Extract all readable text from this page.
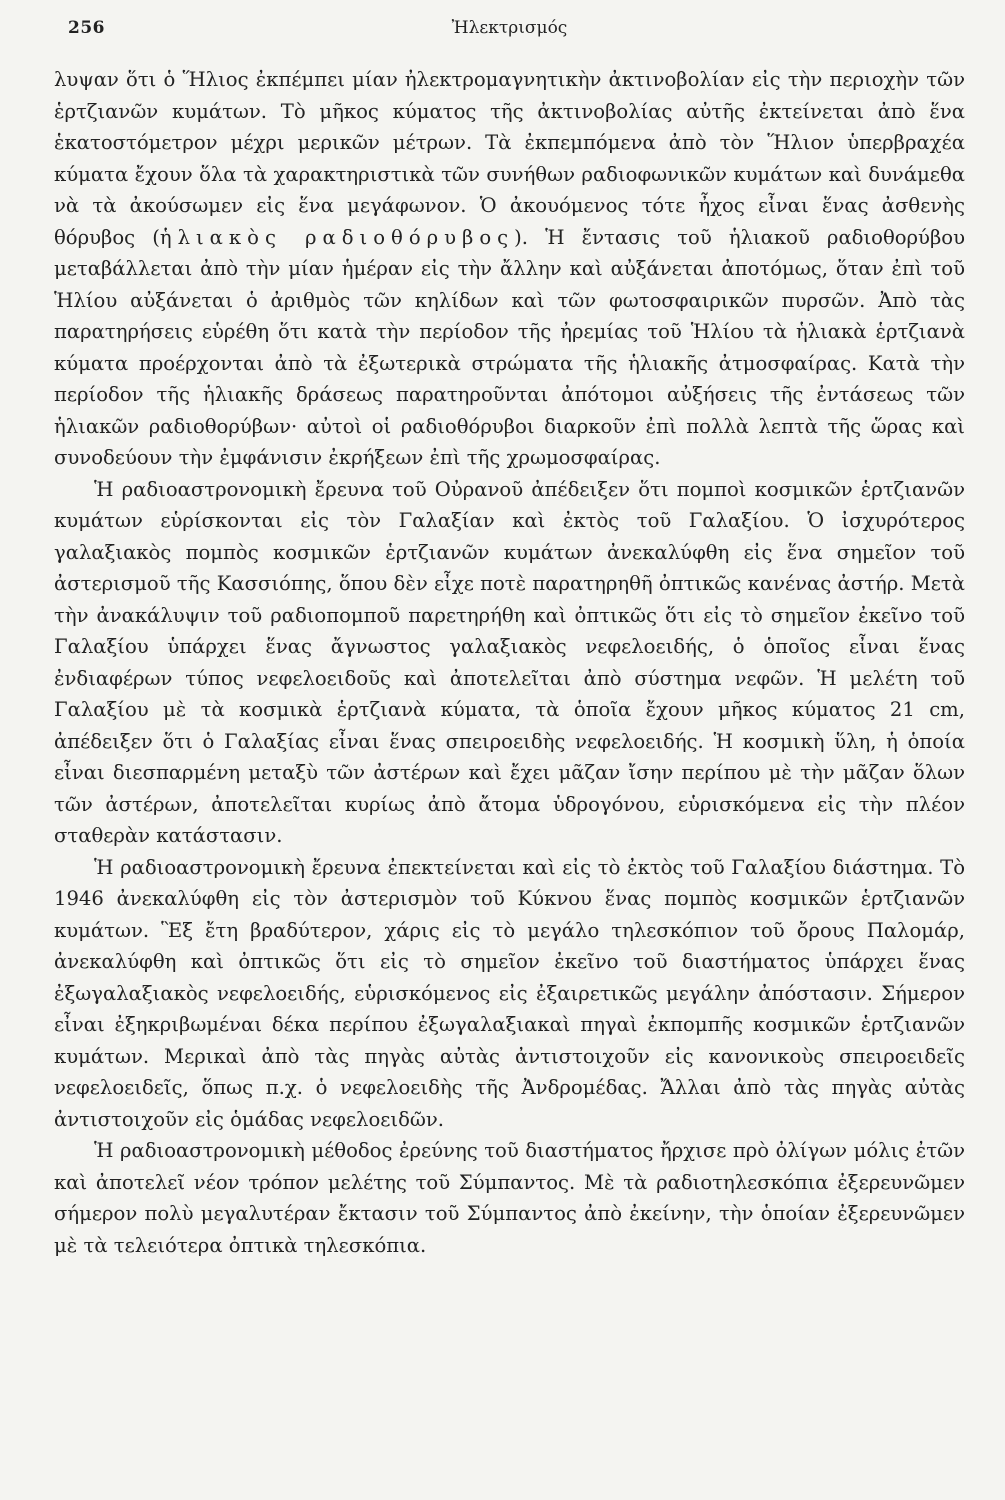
256	Ἠλεκτρισμός

λυψαν ὅτι ὁ Ἥλιος ἐκπέμπει μίαν ἠλεκτρομαγνητικὴν ἀκτινοβολίαν εἰς τὴν περιοχὴν τῶν ἑρτζιανῶν κυμάτων. Τὸ μῆκος κύματος τῆς ἀκτινοβολίας αὐτῆς ἐκτείνεται ἀπὸ ἕνα ἑκατοστόμετρον μέχρι μερικῶν μέτρων. Τὰ ἐκπεμπόμενα ἀπὸ τὸν Ἥλιον ὑπερβραχέα κύματα ἔχουν ὅλα τὰ χαρακτηριστικὰ τῶν συνήθων ραδιοφωνικῶν κυμάτων καὶ δυνάμεθα νὰ τὰ ἀκούσωμεν εἰς ἕνα μεγάφωνον. Ὁ ἀκουόμενος τότε ἦχος εἶναι ἕνας ἀσθενὴς θόρυβος (ἡλιακὸς ραδιοθόρυβος). Ἡ ἔντασις τοῦ ἡλιακοῦ ραδιοθορύβου μεταβάλλεται ἀπὸ τὴν μίαν ἡμέραν εἰς τὴν ἄλλην καὶ αὐξάνεται ἀποτόμως, ὅταν ἐπὶ τοῦ Ἡλίου αὐξάνεται ὁ ἀριθμὸς τῶν κηλίδων καὶ τῶν φωτοσφαιρικῶν πυρσῶν. Ἀπὸ τὰς παρατηρήσεις εὑρέθη ὅτι κατὰ τὴν περίοδον τῆς ἠρεμίας τοῦ Ἡλίου τὰ ἡλιακὰ ἑρτζιανὰ κύματα προέρχονται ἀπὸ τὰ ἐξωτερικὰ στρώματα τῆς ἡλιακῆς ἀτμοσφαίρας. Κατὰ τὴν περίοδον τῆς ἡλιακῆς δράσεως παρατηροῦνται ἀπότομοι αὐξήσεις τῆς ἐντάσεως τῶν ἡλιακῶν ραδιοθορύβων· αὐτοὶ οἱ ραδιοθόρυβοι διαρκοῦν ἐπὶ πολλὰ λεπτὰ τῆς ὥρας καὶ συνοδεύουν τὴν ἐμφάνισιν ἐκρήξεων ἐπὶ τῆς χρωμοσφαίρας.

Ἡ ραδιοαστρονομικὴ ἔρευνα τοῦ Οὐρανοῦ ἀπέδειξεν ὅτι πομποὶ κοσμικῶν ἑρτζιανῶν κυμάτων εὑρίσκονται εἰς τὸν Γαλαξίαν καὶ ἐκτὸς τοῦ Γαλαξίου. Ὁ ἰσχυρότερος γαλαξιακὸς πομπὸς κοσμικῶν ἑρτζιανῶν κυμάτων ἀνεκαλύφθη εἰς ἕνα σημεῖον τοῦ ἀστερισμοῦ τῆς Κασσιόπης, ὅπου δὲν εἶχε ποτὲ παρατηρηθῆ ὀπτικῶς κανένας ἀστήρ. Μετὰ τὴν ἀνακάλυψιν τοῦ ραδιοπομποῦ παρετηρήθη καὶ ὀπτικῶς ὅτι εἰς τὸ σημεῖον ἐκεῖνο τοῦ Γαλαξίου ὑπάρχει ἕνας ἄγνωστος γαλαξιακὸς νεφελοειδής, ὁ ὁποῖος εἶναι ἕνας ἐνδιαφέρων τύπος νεφελοειδοῦς καὶ ἀποτελεῖται ἀπὸ σύστημα νεφῶν. Ἡ μελέτη τοῦ Γαλαξίου μὲ τὰ κοσμικὰ ἑρτζιανὰ κύματα, τὰ ὁποῖα ἔχουν μῆκος κύματος 21 cm, ἀπέδειξεν ὅτι ὁ Γαλαξίας εἶναι ἕνας σπειροειδὴς νεφελοειδής. Ἡ κοσμικὴ ὕλη, ἡ ὁποία εἶναι διεσπαρμένη μεταξὺ τῶν ἀστέρων καὶ ἔχει μᾶζαν ἴσην περίπου μὲ τὴν μᾶζαν ὅλων τῶν ἀστέρων, ἀποτελεῖται κυρίως ἀπὸ ἄτομα ὑδρογόνου, εὑρισκόμενα εἰς τὴν πλέον σταθερὰν κατάστασιν.

Ἡ ραδιοαστρονομικὴ ἔρευνα ἐπεκτείνεται καὶ εἰς τὸ ἐκτὸς τοῦ Γαλαξίου διάστημα. Τὸ 1946 ἀνεκαλύφθη εἰς τὸν ἀστερισμὸν τοῦ Κύκνου ἕνας πομπὸς κοσμικῶν ἑρτζιανῶν κυμάτων. Ἓξ ἔτη βραδύτερον, χάρις εἰς τὸ μεγάλο τηλεσκόπιον τοῦ ὄρους Παλομάρ, ἀνεκαλύφθη καὶ ὀπτικῶς ὅτι εἰς τὸ σημεῖον ἐκεῖνο τοῦ διαστήματος ὑπάρχει ἕνας ἐξωγαλαξιακὸς νεφελοειδής, εὑρισκόμενος εἰς ἐξαιρετικῶς μεγάλην ἀπόστασιν. Σήμερον εἶναι ἐξηκριβωμέναι δέκα περίπου ἐξωγαλαξιακαὶ πηγαὶ ἐκπομπῆς κοσμικῶν ἑρτζιανῶν κυμάτων. Μερικαὶ ἀπὸ τὰς πηγὰς αὐτὰς ἀντιστοιχοῦν εἰς κανονικοὺς σπειροειδεῖς νεφελοειδεῖς, ὅπως π.χ. ὁ νεφελοειδὴς τῆς Ἀνδρομέδας. Ἄλλαι ἀπὸ τὰς πηγὰς αὐτὰς ἀντιστοιχοῦν εἰς ὁμάδας νεφελοειδῶν.

Ἡ ραδιοαστρονομικὴ μέθοδος ἐρεύνης τοῦ διαστήματος ἤρχισε πρὸ ὀλίγων μόλις ἐτῶν καὶ ἀποτελεῖ νέον τρόπον μελέτης τοῦ Σύμπαντος. Μὲ τὰ ραδιοτηλεσκόπια ἐξερευνῶμεν σήμερον πολὺ μεγαλυτέραν ἔκτασιν τοῦ Σύμπαντος ἀπὸ ἐκείνην, τὴν ὁποίαν ἐξερευνῶμεν μὲ τὰ τελειότερα ὀπτικὰ τηλεσκόπια.
